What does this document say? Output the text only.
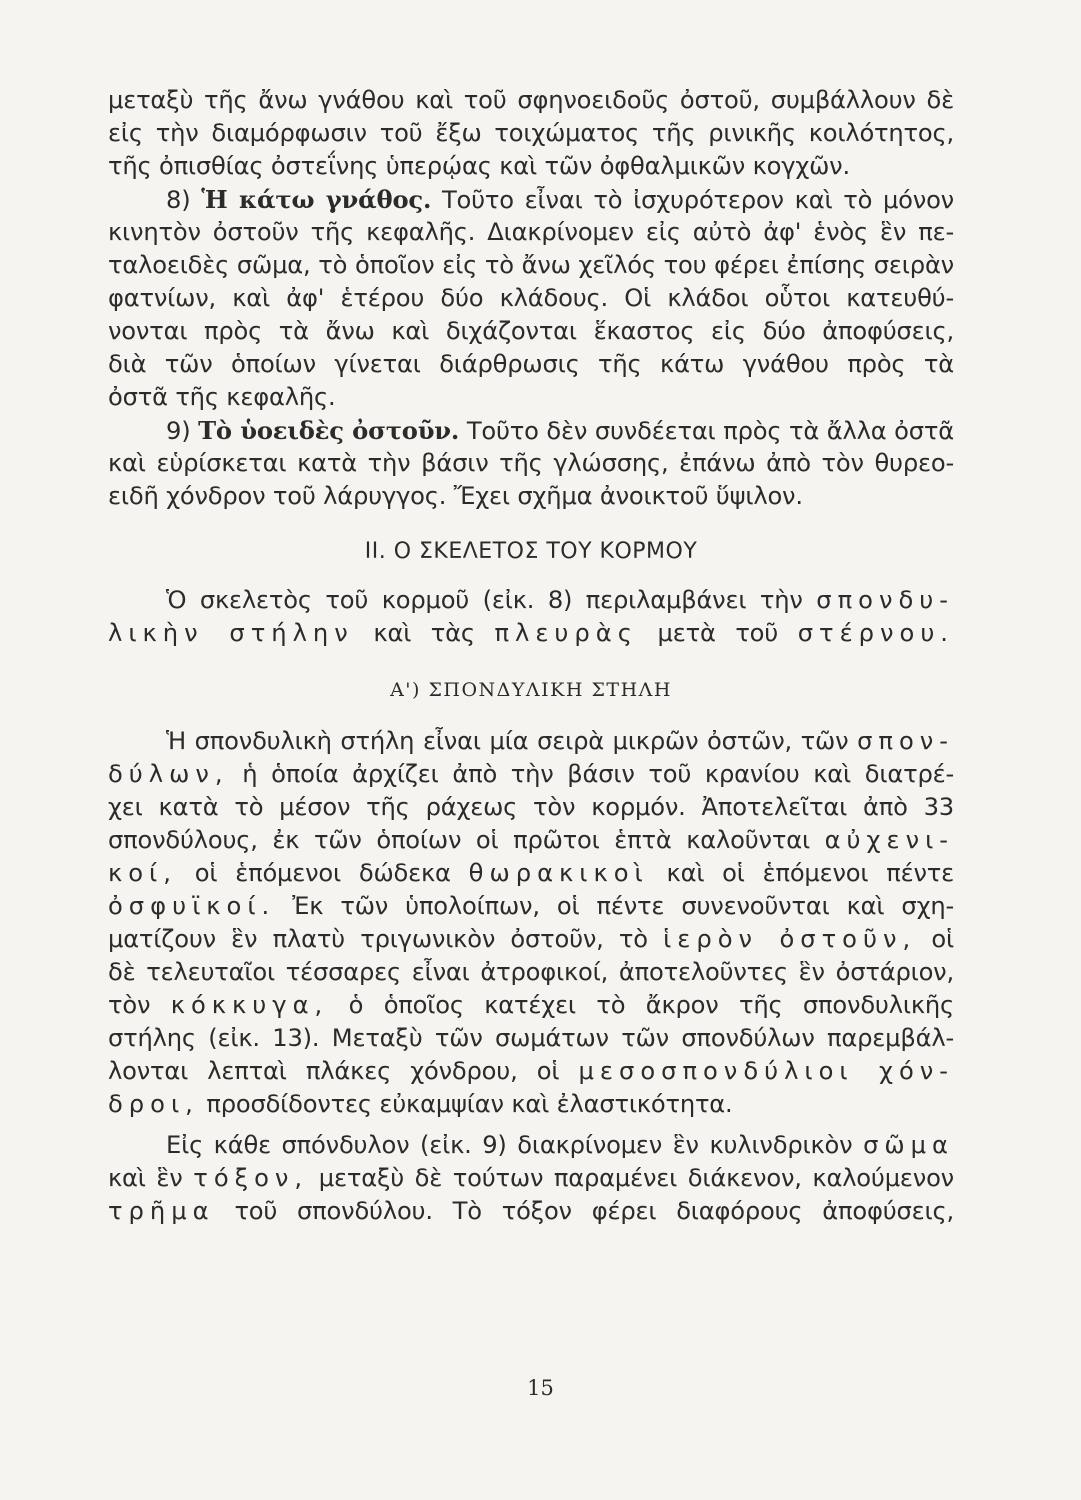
μεταξὺ τῆς ἄνω γνάθου καὶ τοῦ σφηνοειδοῦς ὀστοῦ, συμβάλλουν δὲ
εἰς τὴν διαμόρφωσιν τοῦ ἔξω τοιχώματος τῆς ρινικῆς κοιλότητος,
τῆς ὀπισθίας ὀστεΐνης ὑπερῴας καὶ τῶν ὀφθαλμικῶν κογχῶν.
8) Ἡ κάτω γνάθος. Τοῦτο εἶναι τὸ ἰσχυρότερον καὶ τὸ μόνον
κινητὸν ὀστοῦν τῆς κεφαλῆς. Διακρίνομεν εἰς αὐτὸ ἀφ' ἑνὸς ἓν πε-
ταλοειδὲς σῶμα, τὸ ὁποῖον εἰς τὸ ἄνω χεῖλός του φέρει ἐπίσης σειρὰν
φατνίων, καὶ ἀφ' ἑτέρου δύο κλάδους. Οἱ κλάδοι οὗτοι κατευθύ-
νονται πρὸς τὰ ἄνω καὶ διχάζονται ἕκαστος εἰς δύο ἀποφύσεις,
διὰ τῶν ὁποίων γίνεται διάρθρωσις τῆς κάτω γνάθου πρὸς τὰ
ὀστᾶ τῆς κεφαλῆς.
9) Τὸ ὑοειδὲς ὀστοῦν. Τοῦτο δὲν συνδέεται πρὸς τὰ ἄλλα ὀστᾶ
καὶ εὑρίσκεται κατὰ τὴν βάσιν τῆς γλώσσης, ἐπάνω ἀπὸ τὸν θυρεο-
ειδῆ χόνδρον τοῦ λάρυγγος. Ἔχει σχῆμα ἀνοικτοῦ ὕψιλον.
ΙΙ. Ο ΣΚΕΛΕΤΟΣ ΤΟΥ ΚΟΡΜΟΥ
Ὁ σκελετὸς τοῦ κορμοῦ (εἰκ. 8) περιλαμβάνει τὴν σπονδυ-
λικὴν στήλην καὶ τὰς πλευρὰς μετὰ τοῦ στέρνου.
Α') ΣΠΟΝΔΥΛΙΚΗ ΣΤΗΛΗ
Ἡ σπονδυλικὴ στήλη εἶναι μία σειρὰ μικρῶν ὀστῶν, τῶν σπον-
δύλων, ἡ ὁποία ἀρχίζει ἀπὸ τὴν βάσιν τοῦ κρανίου καὶ διατρέ-
χει κατὰ τὸ μέσον τῆς ράχεως τὸν κορμόν. Ἀποτελεῖται ἀπὸ 33
σπονδύλους, ἐκ τῶν ὁποίων οἱ πρῶτοι ἑπτὰ καλοῦνται αὐχενι-
κοί, οἱ ἑπόμενοι δώδεκα θωρακικοὶ καὶ οἱ ἑπόμενοι πέντε
ὀσφυϊκοί. Ἐκ τῶν ὑπολοίπων, οἱ πέντε συνενοῦνται καὶ σχη-
ματίζουν ἓν πλατὺ τριγωνικὸν ὀστοῦν, τὸ ἱερὸν ὀστοῦν, οἱ
δὲ τελευταῖοι τέσσαρες εἶναι ἀτροφικοί, ἀποτελοῦντες ἓν ὀστάριον,
τὸν κόκκυγα, ὁ ὁποῖος κατέχει τὸ ἄκρον τῆς σπονδυλικῆς
στήλης (εἰκ. 13). Μεταξὺ τῶν σωμάτων τῶν σπονδύλων παρεμβάλ-
λονται λεπταὶ πλάκες χόνδρου, οἱ μεσοσπονδύλιοι χόν-
δροι, προσδίδοντες εὐκαμψίαν καὶ ἐλαστικότητα.
Εἰς κάθε σπόνδυλον (εἰκ. 9) διακρίνομεν ἓν κυλινδρικὸν σῶμα
καὶ ἓν τόξον, μεταξὺ δὲ τούτων παραμένει διάκενον, καλούμενον
τρῆμα τοῦ σπονδύλου. Τὸ τόξον φέρει διαφόρους ἀποφύσεις,
15
